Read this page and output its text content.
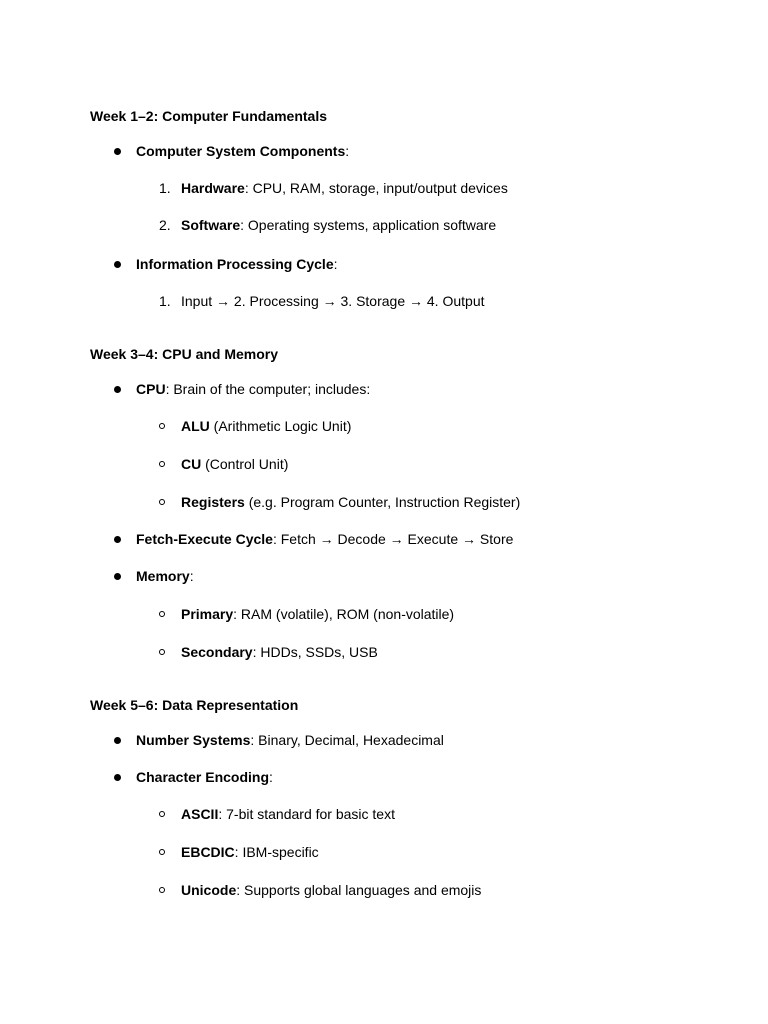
Week 1–2: Computer Fundamentals
Computer System Components:
1. Hardware: CPU, RAM, storage, input/output devices
2. Software: Operating systems, application software
Information Processing Cycle:
1. Input → 2. Processing → 3. Storage → 4. Output
Week 3–4: CPU and Memory
CPU: Brain of the computer; includes:
ALU (Arithmetic Logic Unit)
CU (Control Unit)
Registers (e.g. Program Counter, Instruction Register)
Fetch-Execute Cycle: Fetch → Decode → Execute → Store
Memory:
Primary: RAM (volatile), ROM (non-volatile)
Secondary: HDDs, SSDs, USB
Week 5–6: Data Representation
Number Systems: Binary, Decimal, Hexadecimal
Character Encoding:
ASCII: 7-bit standard for basic text
EBCDIC: IBM-specific
Unicode: Supports global languages and emojis
